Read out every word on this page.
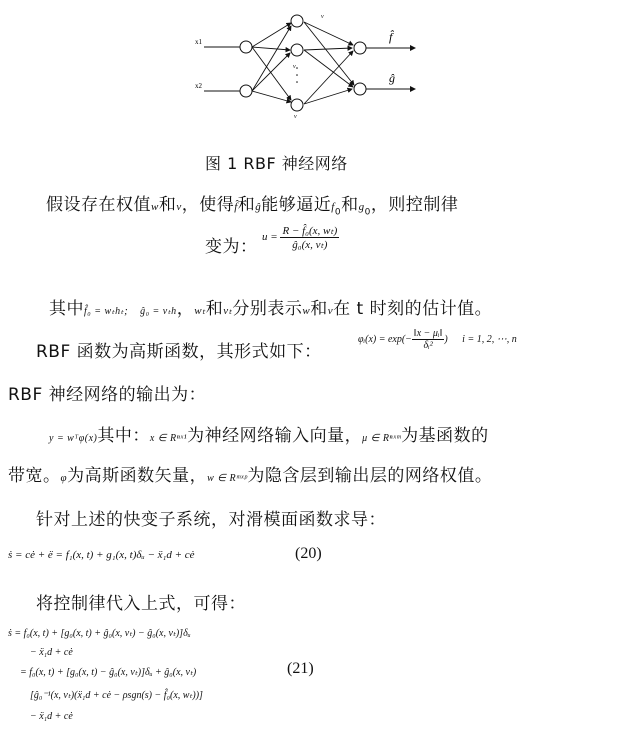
x1
x2
v
v
v
f̂
ĝ
图 1 RBF 神经网络
假设存在权值w和v，使得f̂和ĝ能够逼近$f_0$和$g_0$，则控制律
变为： $u = \frac{\text{R − f̂₀(x, wₜ)}}{\text{ĝ₀(x, vₜ)}}$
其中f̂₀ = wₜhₜ; ĝ₀ = vₜh，wₜ和vₜ分别表示w和v在 t 时刻的估计值。
RBF 函数为高斯函数，其形式如下：
φᵢ(x) = $\exp(- \frac{\text{‖x − μᵢ‖}}{\text{δᵢ²}}$ ) i = 1, 2, ⋯, n
RBF 神经网络的输出为：
y = wᵀφ(x)其中：x ∈ Rⁿˣ¹为神经网络输入向量，μ ∈ Rⁿˣᵐ为基函数的
带宽。φ为高斯函数矢量，w ∈ Rᵐˣᵖ为隐含层到输出层的网络权值。
针对上述的快变子系统，对滑模面函数求导：
ṡ = cė + ë = f₁(x, t) + g₁(x, t)δᵤ − ẍ₁d + cė	(20)
将控制律代入上式，可得：
ṡ = f₀(x, t) + [g₀(x, t) + ĝ₀(x, vₜ) − ĝ₀(x, vₜ)]δᵤ
− ẍ₁d + cė
= f₀(x, t) + [g₀(x, t) − ĝ₀(x, vₜ)]δᵤ + ĝ₀(x, vₜ)
[ĝ₀⁻¹(x, vₜ)(ẍ₁d + cė − ρsgn(s) − f̂₀(x, wₜ))]
− ẍ₁d + cė
(21)
